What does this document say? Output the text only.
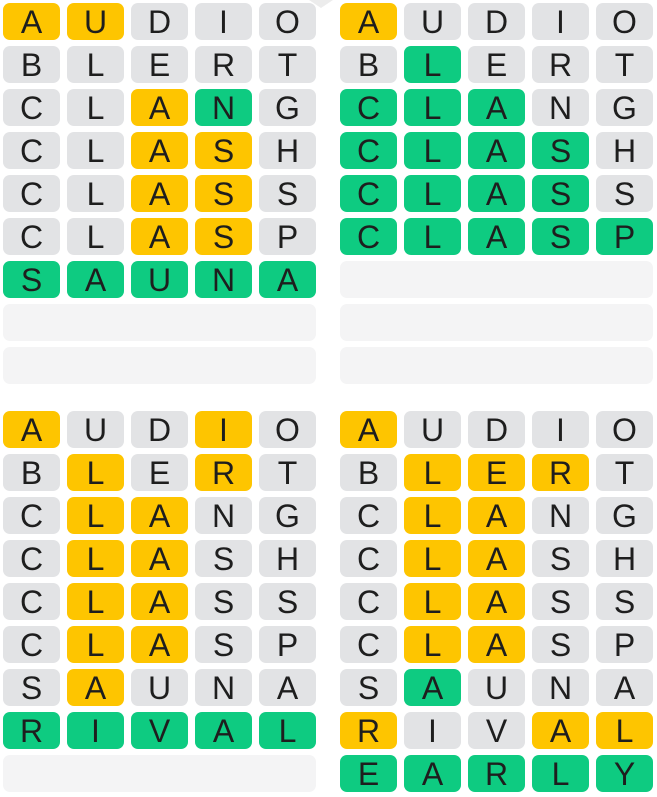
A	U	D	I	O
B	L	E	R	T
C	L	A	N	G
C	L	A	S	H
C	L	A	S	S
C	L	A	S	P
S	A	U	N	A
A	U	D	I	O
B	L	E	R	T
C	L	A	N	G
C	L	A	S	H
C	L	A	S	S
C	L	A	S	P
A	U	D	I	O
B	L	E	R	T
C	L	A	N	G
C	L	A	S	H
C	L	A	S	S
C	L	A	S	P
S	A	U	N	A
R	I	V	A	L
A	U	D	I	O
B	L	E	R	T
C	L	A	N	G
C	L	A	S	H
C	L	A	S	S
C	L	A	S	P
S	A	U	N	A
R	I	V	A	L
E	A	R	L	Y
